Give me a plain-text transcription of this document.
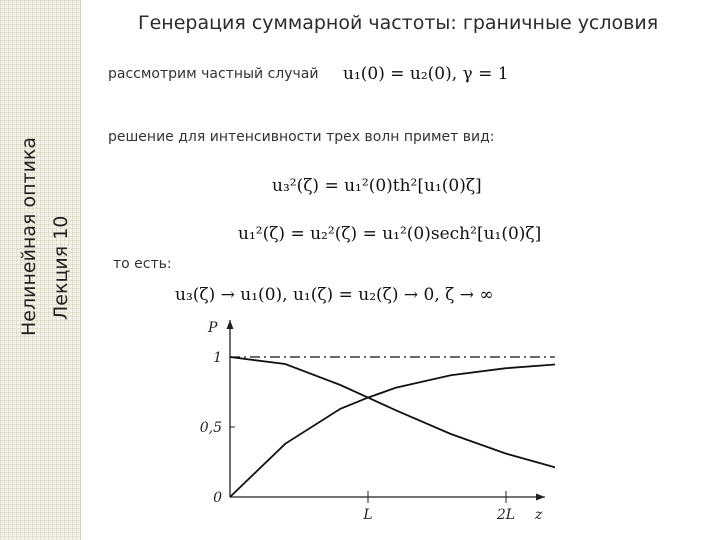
Нелинейная оптика Лекция 10
Генерация суммарной частоты: граничные условия
рассмотрим частный случай u₁(0) = u₂(0), γ = 1
решение для интенсивности трех волн примет вид:
u₃²(ζ) = u₁²(0)th²[u₁(0)ζ]
u₁²(ζ) = u₂²(ζ) = u₁²(0)sech²[u₁(0)ζ]
то есть:
u₃(ζ) → u₁(0), u₁(ζ) = u₂(ζ) → 0, ζ → ∞
P
z
0
0,5
1
L	2L
